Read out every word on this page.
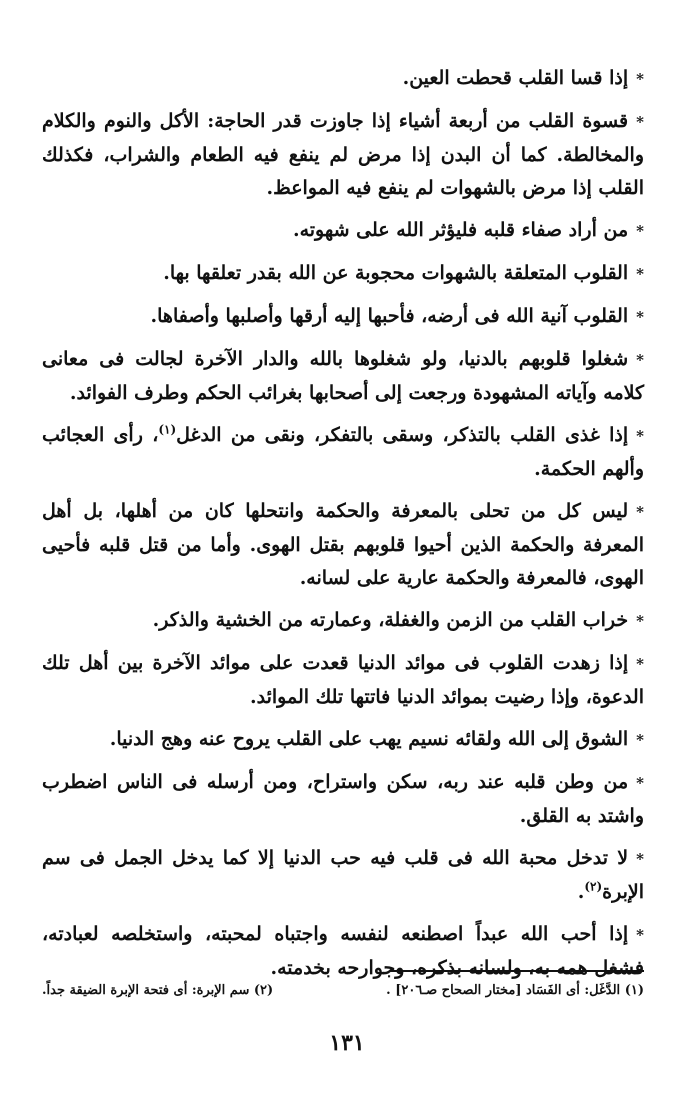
*إذا قسا القلب قحطت العين.

*قسوة القلب من أربعة أشياء إذا جاوزت قدر الحاجة: الأكل والنوم والكلام والمخالطة. كما أن البدن إذا مرض لم ينفع فيه الطعام والشراب، فكذلك القلب إذا مرض بالشهوات لم ينفع فيه المواعظ.

*من أراد صفاء قلبه فليؤثر الله على شهوته.

*القلوب المتعلقة بالشهوات محجوبة عن الله بقدر تعلقها بها.

*القلوب آنية الله فى أرضه، فأحبها إليه أرقها وأصلبها وأصفاها.

*شغلوا قلوبهم بالدنيا، ولو شغلوها بالله والدار الآخرة لجالت فى معانى كلامه وآياته المشهودة ورجعت إلى أصحابها بغرائب الحكم وطرف الفوائد.

*إذا غذى القلب بالتذكر، وسقى بالتفكر، ونقى من الدغل$^{(١)}$، رأى العجائب وألهم الحكمة.

*ليس كل من تحلى بالمعرفة والحكمة وانتحلها كان من أهلها، بل أهل المعرفة والحكمة الذين أحيوا قلوبهم بقتل الهوى. وأما من قتل قلبه فأحيى الهوى، فالمعرفة والحكمة عارية على لسانه.

*خراب القلب من الزمن والغفلة، وعمارته من الخشية والذكر.

*إذا زهدت القلوب فى موائد الدنيا قعدت على موائد الآخرة بين أهل تلك الدعوة، وإذا رضيت بموائد الدنيا فاتتها تلك الموائد.

*الشوق إلى الله ولقائه نسيم يهب على القلب يروح عنه وهج الدنيا.

*من وطن قلبه عند ربه، سكن واستراح، ومن أرسله فى الناس اضطرب واشتد به القلق.

*لا تدخل محبة الله فى قلب فيه حب الدنيا إلا كما يدخل الجمل فى سم الإبرة$^{(٢)}$.

*إذا أحب الله عبداً اصطنعه لنفسه واجتباه لمحبته، واستخلصه لعبادته، فشغل همه به، ولسانه بذكره، وجوارحه بخدمته.

(١) الدَّغَل: أى الفَسَاد [مختار الصحاح صـ٢٠٦] .
(٢) سم الإبرة: أى فتحة الإبرة الضيقة جداً.
١٣١
